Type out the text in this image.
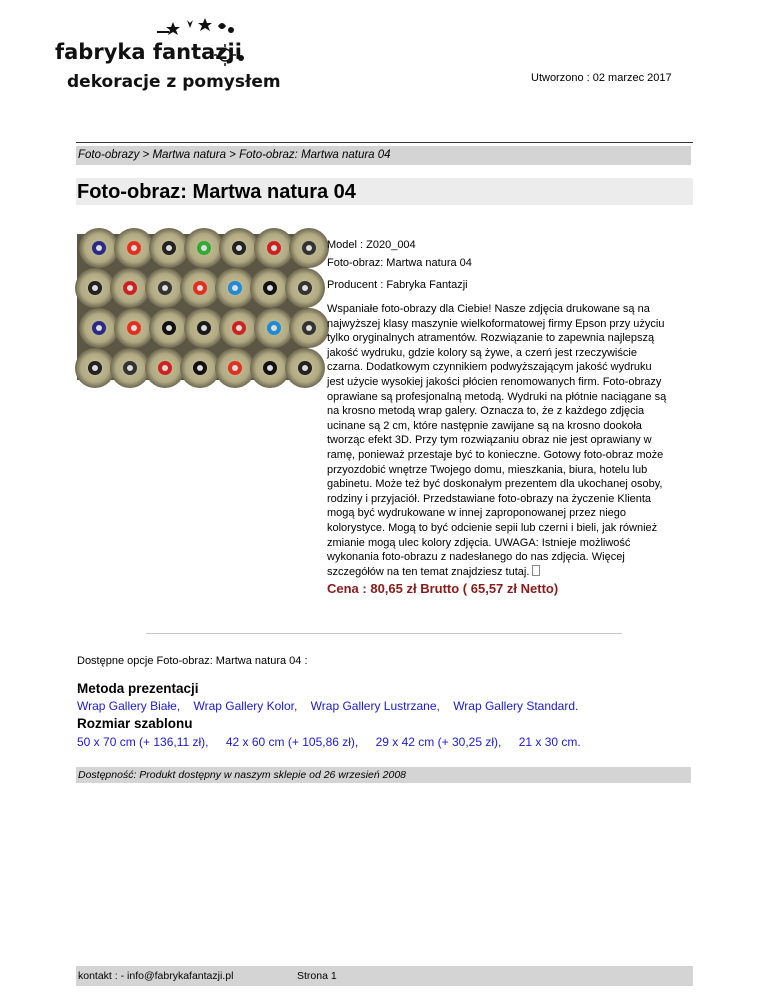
fabryka fantazji
dekoracje z pomysłem	Utworzono : 02 marzec 2017
Foto-obrazy > Martwa natura > Foto-obraz: Martwa natura 04
Foto-obraz: Martwa natura 04
Model : Z020_004
Foto-obraz: Martwa natura 04
Producent : Fabryka Fantazji
Wspaniałe foto-obrazy dla Ciebie! Nasze zdjęcia drukowane są na najwyższej klasy maszynie wielkoformatowej firmy Epson przy użyciu tylko oryginalnych atramentów. Rozwiązanie to zapewnia najlepszą jakość wydruku, gdzie kolory są żywe, a czerń jest rzeczywiście czarna. Dodatkowym czynnikiem podwyższającym jakość wydruku jest użycie wysokiej jakości płócien renomowanych firm. Foto-obrazy oprawiane są profesjonalną metodą. Wydruki na płótnie naciągane są na krosno metodą wrap galery. Oznacza to, że z każdego zdjęcia ucinane są 2 cm, które następnie zawijane są na krosno dookoła tworząc efekt 3D. Przy tym rozwiązaniu obraz nie jest oprawiany w ramę, ponieważ przestaje być to konieczne. Gotowy foto-obraz może przyozdobić wnętrze Twojego domu, mieszkania, biura, hotelu lub gabinetu. Może też być doskonałym prezentem dla ukochanej osoby, rodziny i przyjaciół. Przedstawiane foto-obrazy na życzenie Klienta mogą być wydrukowane w innej zaproponowanej przez niego kolorystyce. Mogą to być odcienie sepii lub czerni i bieli, jak również zmianie mogą ulec kolory zdjęcia. UWAGA: Istnieje możliwość wykonania foto-obrazu z nadesłanego do nas zdjęcia. Więcej szczegółów na ten temat znajdziesz tutaj.
Cena : 80,65 zł Brutto ( 65,57 zł Netto)
Dostępne opcje Foto-obraz: Martwa natura 04 :
Metoda prezentacji
Wrap Gallery Białe, Wrap Gallery Kolor, Wrap Gallery Lustrzane, Wrap Gallery Standard.
Rozmiar szablonu
50 x 70 cm (+ 136,11 zł), 42 x 60 cm (+ 105,86 zł), 29 x 42 cm (+ 30,25 zł), 21 x 30 cm.
Dostępność: Produkt dostępny w naszym sklepie od 26 wrzesień 2008
kontakt : - info@fabrykafantazji.pl	Strona 1
